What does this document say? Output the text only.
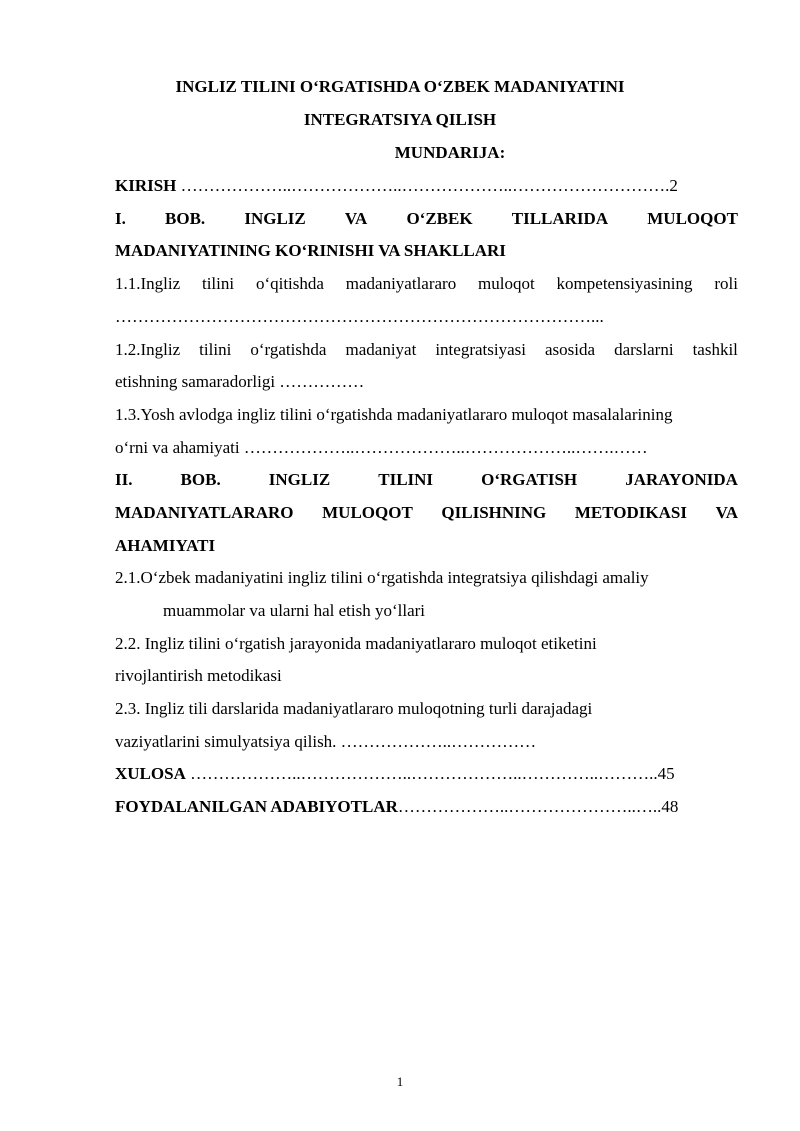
INGLIZ TILINI O‘RGATISHDA O‘ZBEK MADANIYATINI
INTEGRATSIYA QILISH
MUNDARIJA:
KIRISH ………………..………………..………………..……………………….2
I. BOB. INGLIZ VA O‘ZBEK TILLARIDA MULOQOT
MADANIYATINING KO‘RINISHI VA SHAKLLARI
1.1.Ingliz tilini o‘qitishda madaniyatlararo muloqot kompetensiyasining roli
…………………………………………………………………………...
1.2.Ingliz tilini o‘rgatishda madaniyat integratsiyasi asosida darslarni tashkil
etishning samaradorligi ……………
1.3.Yosh avlodga ingliz tilini o‘rgatishda madaniyatlararo muloqot masalalarining
o‘rni va ahamiyati ………………..………………..………………..…….……
II.	BOB.	INGLIZ	TILINI	O‘RGATISH	JARAYONIDA
MADANIYATLARARO MULOQOT QILISHNING METODIKASI VA
AHAMIYATI
2.1.O‘zbek madaniyatini ingliz tilini o‘rgatishda integratsiya qilishdagi amaliy
muammolar va ularni hal etish yo‘llari
2.2. Ingliz tilini o‘rgatish jarayonida madaniyatlararo muloqot etiketini
rivojlantirish metodikasi
2.3. Ingliz tili darslarida madaniyatlararo muloqotning turli darajadagi
vaziyatlarini simulyatsiya qilish. ………………..……………
XULOSA ………………..………………..………………..…………..………..45
FOYDALANILGAN ADABIYOTLAR………………..…………………..…..48
1
